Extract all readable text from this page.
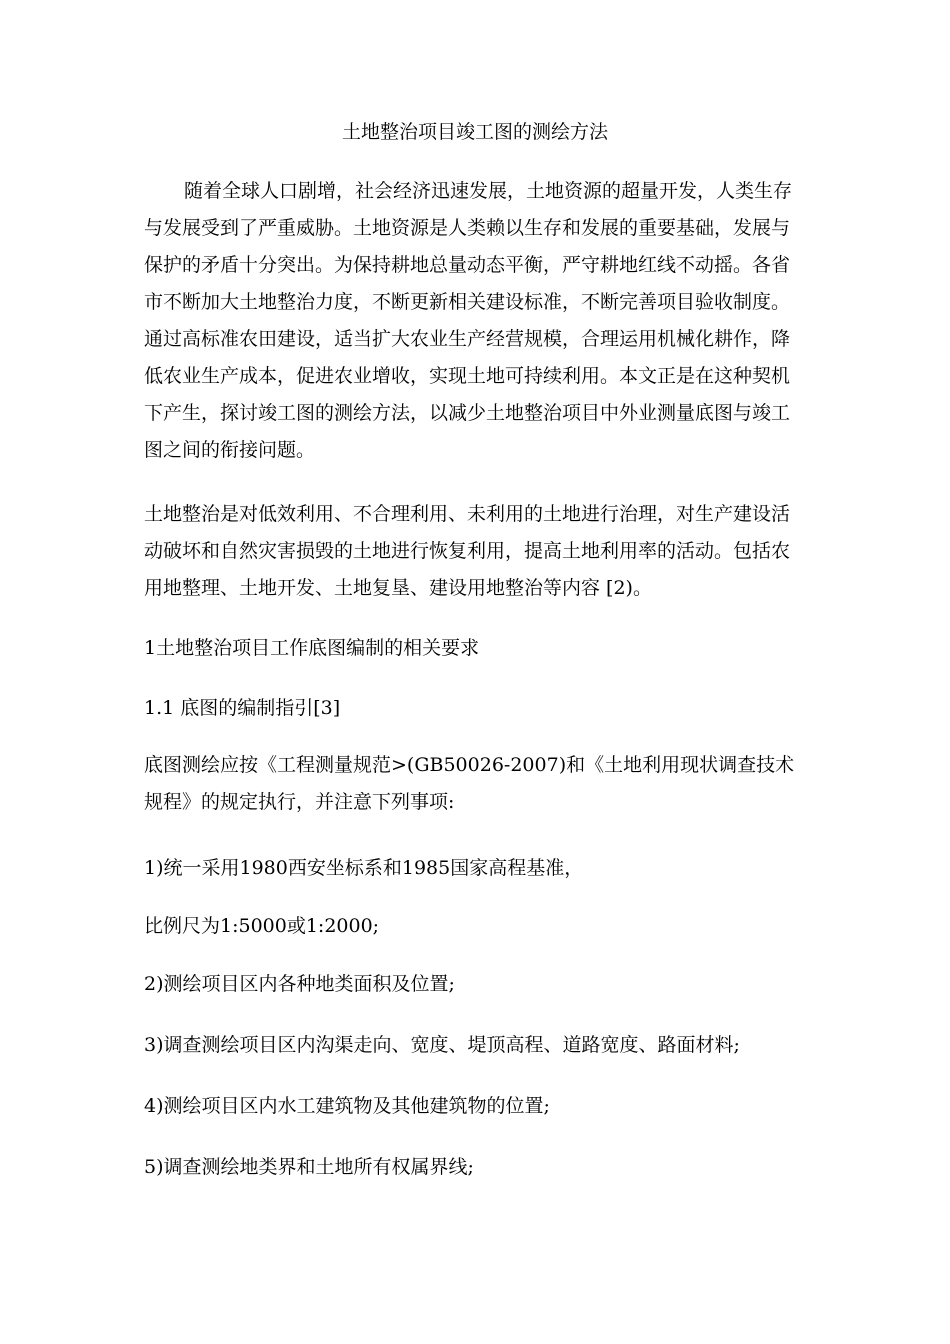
土地整治项目竣工图的测绘方法

随着全球人口剧增，社会经济迅速发展，土地资源的超量开发，人类生存与发展受到了严重威胁。土地资源是人类赖以生存和发展的重要基础，发展与保护的矛盾十分突出。为保持耕地总量动态平衡，严守耕地红线不动摇。各省市不断加大土地整治力度，不断更新相关建设标准，不断完善项目验收制度。通过高标准农田建设，适当扩大农业生产经营规模，合理运用机械化耕作，降低农业生产成本，促进农业增收，实现土地可持续利用。本文正是在这种契机下产生，探讨竣工图的测绘方法，以减少土地整治项目中外业测量底图与竣工图之间的衔接问题。

土地整治是对低效利用、不合理利用、未利用的土地进行治理，对生产建设活动破坏和自然灾害损毁的土地进行恢复利用，提高土地利用率的活动。包括农用地整理、土地开发、土地复垦、建设用地整治等内容 [2)。

1土地整治项目工作底图编制的相关要求
1.1 底图的编制指引[3]

底图测绘应按《工程测量规范>(GB50026-2007)和《土地利用现状调查技术规程》的规定执行，并注意下列事项:

1)统一采用1980西安坐标系和1985国家高程基准，
比例尺为1:5000或1:2000;
2)测绘项目区内各种地类面积及位置;
3)调查测绘项目区内沟渠走向、宽度、堤顶高程、道路宽度、路面材料;
4)测绘项目区内水工建筑物及其他建筑物的位置;
5)调查测绘地类界和土地所有权属界线;
